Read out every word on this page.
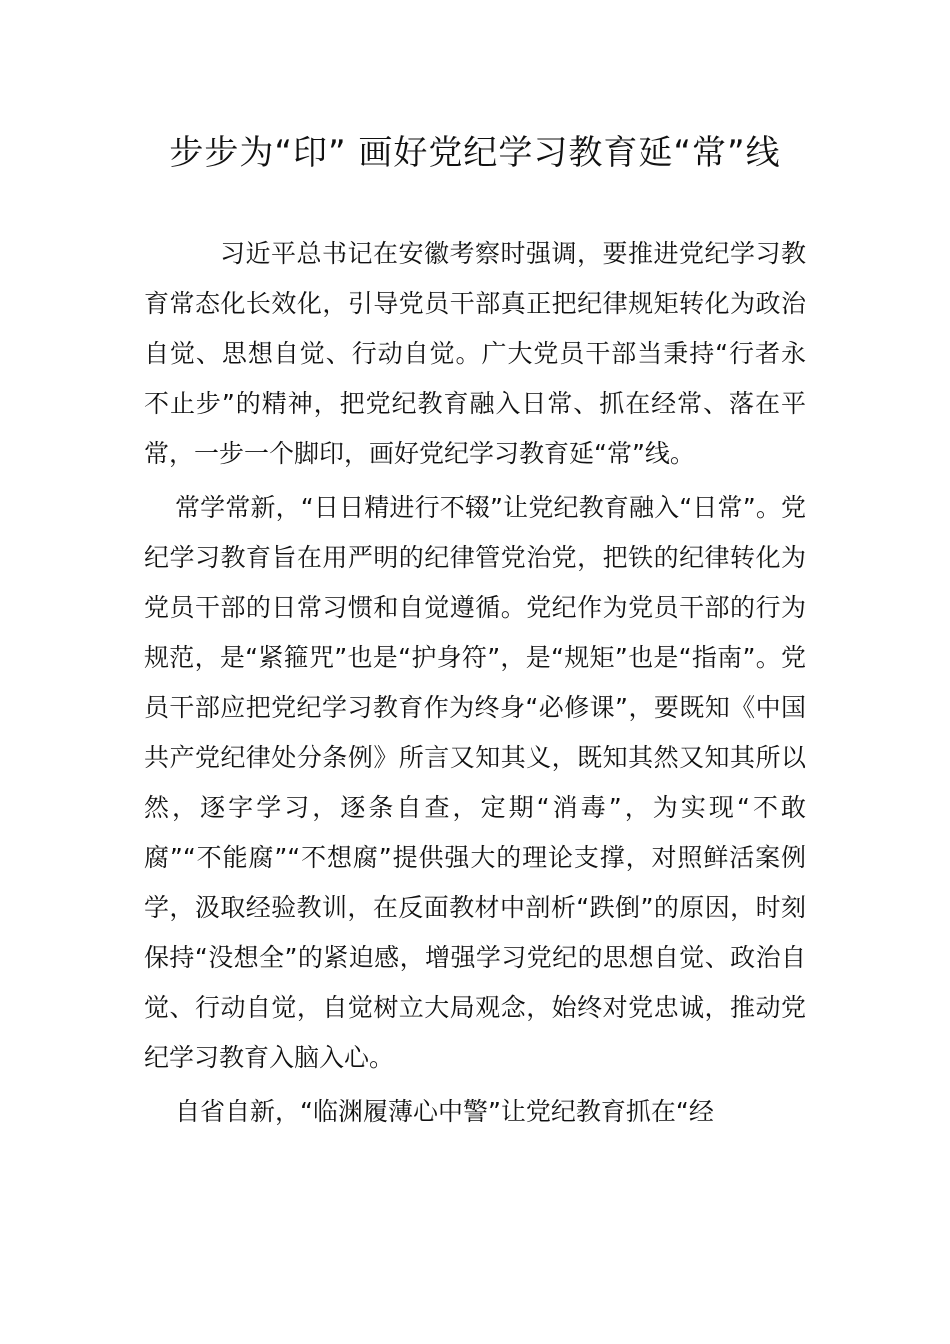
步步为“印” 画好党纪学习教育延“常”线

习近平总书记在安徽考察时强调，要推进党纪学习教育常态化长效化，引导党员干部真正把纪律规矩转化为政治自觉、思想自觉、行动自觉。广大党员干部当秉持“行者永不止步”的精神，把党纪教育融入日常、抓在经常、落在平常，一步一个脚印，画好党纪学习教育延“常”线。

常学常新，“日日精进行不辍”让党纪教育融入“日常”。党纪学习教育旨在用严明的纪律管党治党，把铁的纪律转化为党员干部的日常习惯和自觉遵循。党纪作为党员干部的行为规范，是“紧箍咒”也是“护身符”，是“规矩”也是“指南”。党员干部应把党纪学习教育作为终身“必修课”，要既知《中国共产党纪律处分条例》所言又知其义，既知其然又知其所以然，逐字学习，逐条自查，定期“消毒”，为实现“不敢腐”“不能腐”“不想腐”提供强大的理论支撑，对照鲜活案例学，汲取经验教训，在反面教材中剖析“跌倒”的原因，时刻保持“没想全”的紧迫感，增强学习党纪的思想自觉、政治自觉、行动自觉，自觉树立大局观念，始终对党忠诚，推动党纪学习教育入脑入心。

自省自新，“临渊履薄心中警”让党纪教育抓在“经
